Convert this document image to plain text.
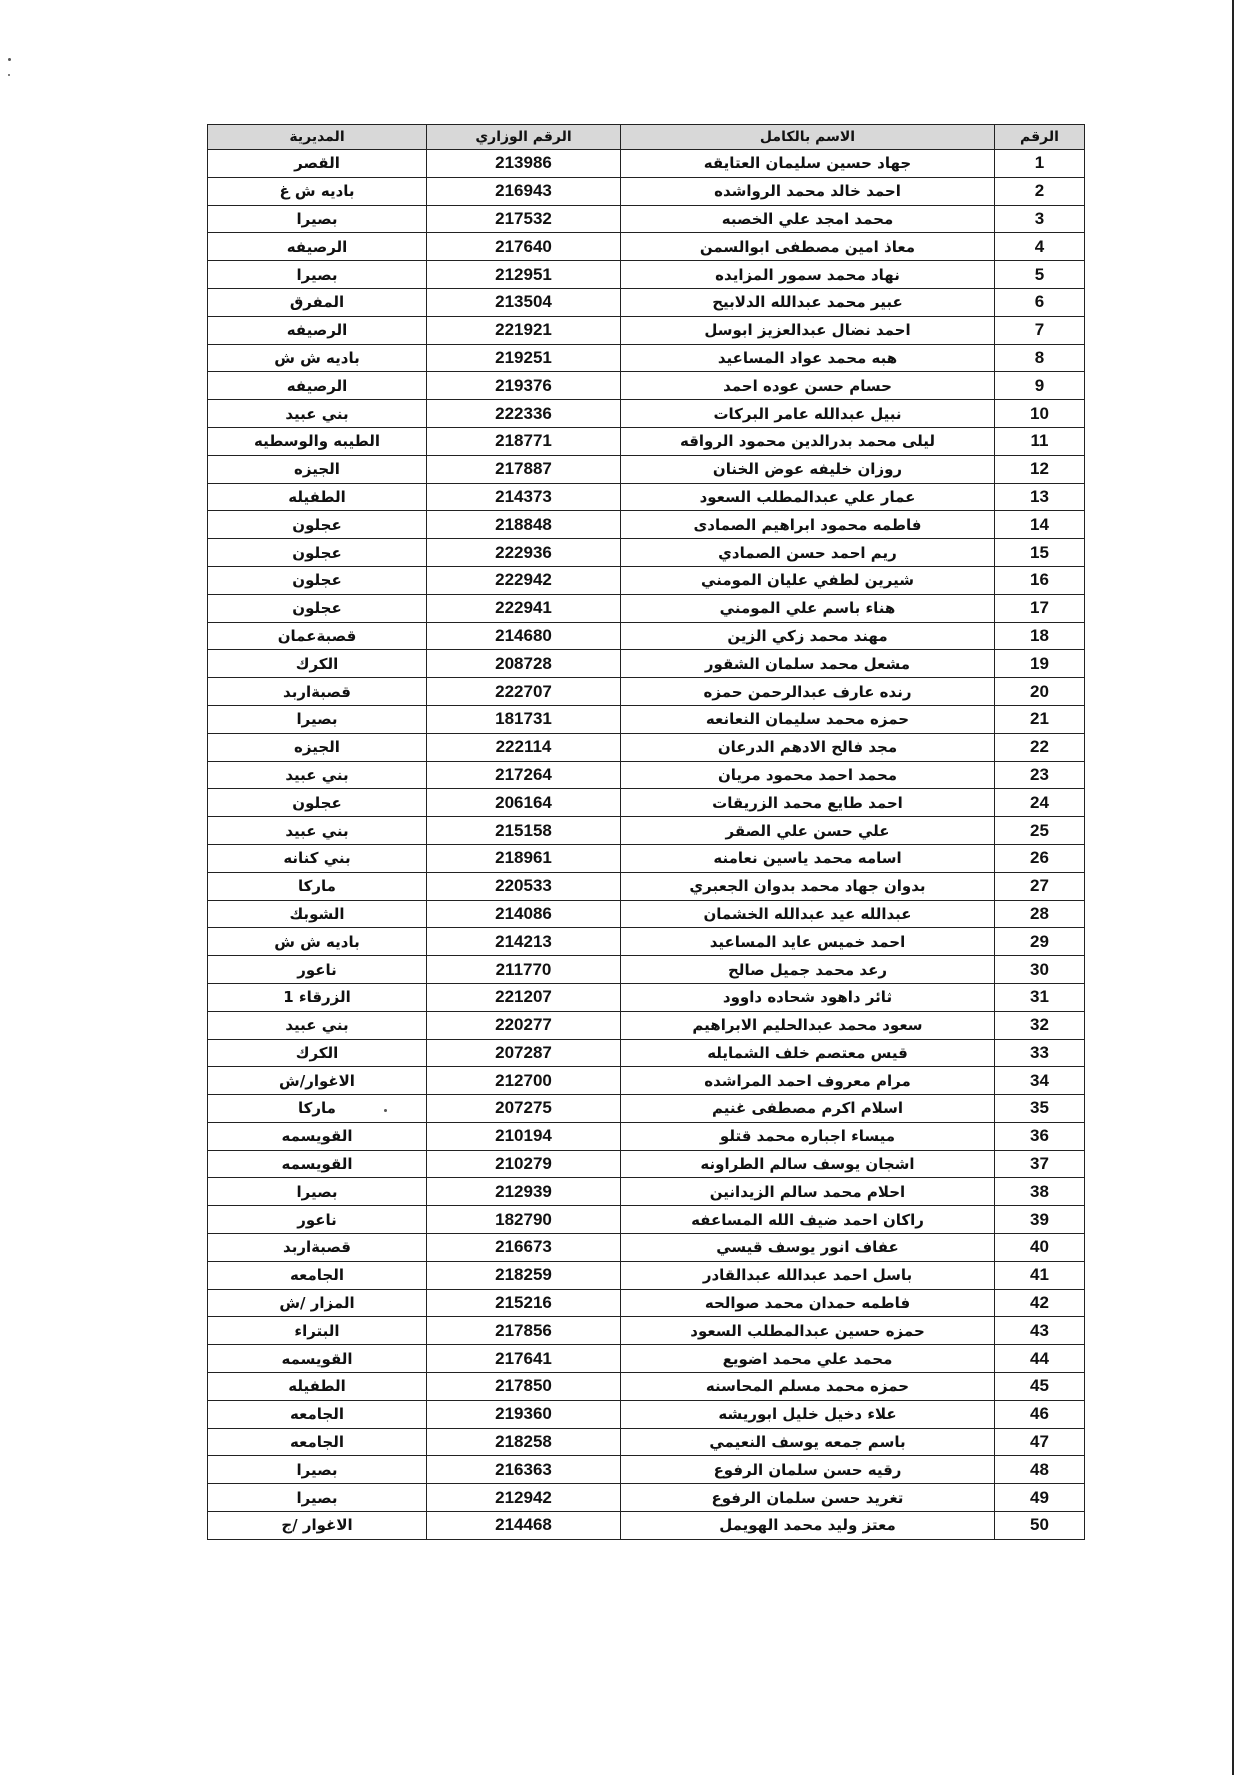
الرقم	الاسم بالكامل	الرقم الوزاري	المديرية
1	جهاد حسين سليمان العتايقه	213986	القصر
2	احمد خالد محمد الرواشده	216943	باديه ش غ
3	محمد امجد علي الخصبه	217532	بصيرا
4	معاذ امين مصطفى ابوالسمن	217640	الرصيفه
5	نهاد محمد سمور المزايده	212951	بصيرا
6	عبير محمد عبدالله الدلابيح	213504	المفرق
7	احمد نضال عبدالعزيز ابوسل	221921	الرصيفه
8	هبه محمد عواد المساعيد	219251	باديه ش ش
9	حسام حسن عوده احمد	219376	الرصيفه
10	نبيل عبدالله عامر البركات	222336	بني عبيد
11	ليلى محمد بدرالدين محمود الرواقه	218771	الطيبه والوسطيه
12	روزان خليفه عوض الخنان	217887	الجيزه
13	عمار علي عبدالمطلب السعود	214373	الطفيله
14	فاطمه محمود ابراهيم الصمادى	218848	عجلون
15	ريم احمد حسن الصمادي	222936	عجلون
16	شيرين لطفي عليان المومني	222942	عجلون
17	هناء باسم علي المومني	222941	عجلون
18	مهند محمد زكي الزين	214680	قصبةعمان
19	مشعل محمد سلمان الشقور	208728	الكرك
20	رنده عارف عبدالرحمن حمزه	222707	قصبةاربد
21	حمزه محمد سليمان النعانعه	181731	بصيرا
22	مجد فالح الادهم الدرعان	222114	الجيزه
23	محمد احمد محمود مريان	217264	بني عبيد
24	احمد طايع محمد الزريقات	206164	عجلون
25	علي حسن علي الصقر	215158	بني عبيد
26	اسامه محمد ياسين نعامنه	218961	بني كنانه
27	بدوان جهاد محمد بدوان الجعبري	220533	ماركا
28	عبدالله عيد عبدالله الخشمان	214086	الشوبك
29	احمد خميس عايد المساعيد	214213	باديه ش ش
30	رعد محمد جميل صالح	211770	ناعور
31	ثائر داهود شحاده داوود	221207	الزرقاء 1
32	سعود محمد عبدالحليم الابراهيم	220277	بني عبيد
33	قيس معتصم خلف الشمايله	207287	الكرك
34	مرام معروف احمد المراشده	212700	الاغوار/ش
35	اسلام اكرم مصطفى غنيم	207275	ماركا
36	ميساء اجباره محمد قتلو	210194	القويسمه
37	اشجان يوسف سالم الطراونه	210279	القويسمه
38	احلام محمد سالم الزيدانين	212939	بصيرا
39	راكان احمد ضيف الله المساعفه	182790	ناعور
40	عفاف انور يوسف قيسي	216673	قصبةاربد
41	باسل احمد عبدالله عبدالقادر	218259	الجامعه
42	فاطمه حمدان محمد صوالحه	215216	المزار /ش
43	حمزه حسين عبدالمطلب السعود	217856	البتراء
44	محمد علي محمد اضويع	217641	القويسمه
45	حمزه محمد مسلم المحاسنه	217850	الطفيله
46	علاء دخيل خليل ابوريشه	219360	الجامعه
47	باسم جمعه يوسف النعيمي	218258	الجامعه
48	رقيه حسن سلمان الرفوع	216363	بصيرا
49	تغريد حسن سلمان الرفوع	212942	بصيرا
50	معتز وليد محمد الهويمل	214468	الاغوار /ج
